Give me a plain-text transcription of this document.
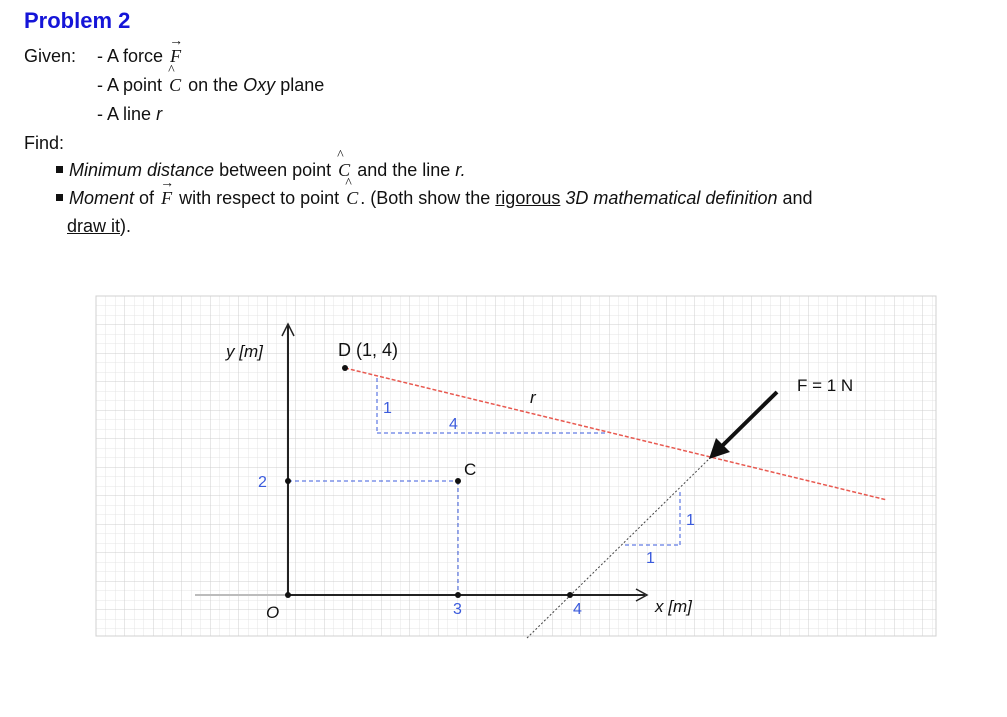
Problem 2
Given: - A force
→
F
- A point
^
C on the Oxy plane
- A line r
Find:
Minimum distance between point
^
C and the line r.
Moment of
→
F with respect to point
^
C . (Both show the rigorous 3D mathematical definition and
draw it).
y [m]
x [m]
O
D (1, 4)
C
r
F = 1 N
2
3	4
1
4
1
1
